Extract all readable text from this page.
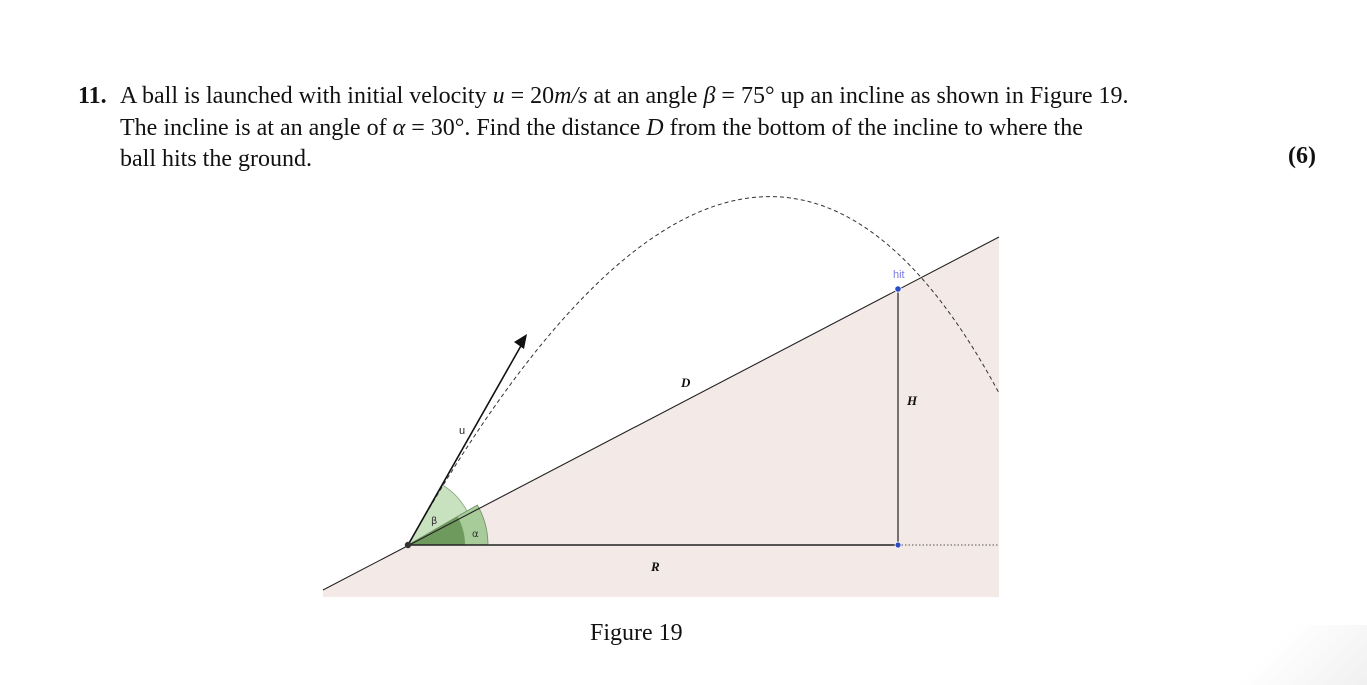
11. A ball is launched with initial velocity u = 20m/s at an angle β = 75° up an incline as shown in Figure 19.
The incline is at an angle of α = 30°. Find the distance D from the bottom of the incline to where the
ball hits the ground.	(6)
hit
D
H
u
β
α
R
Figure 19
